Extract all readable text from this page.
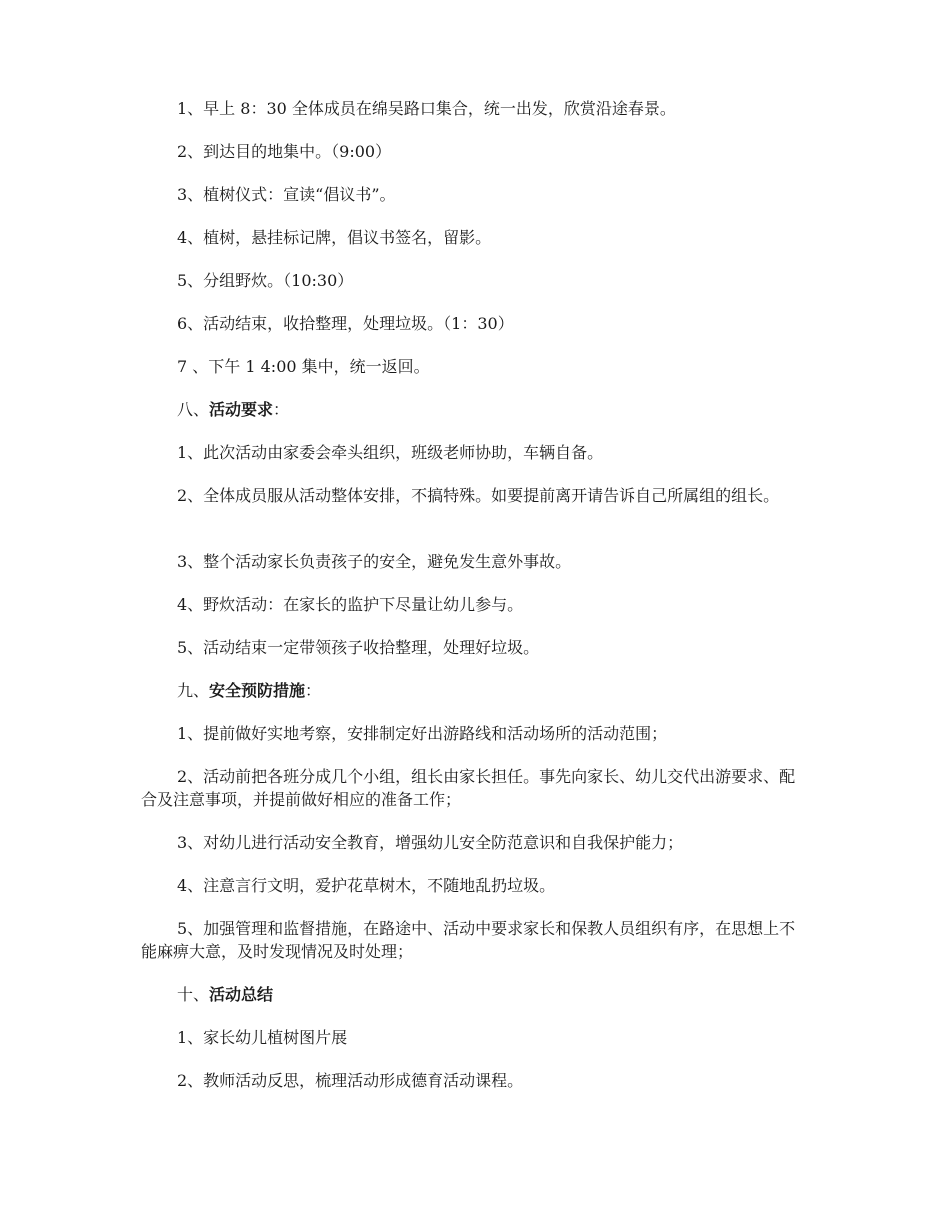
1、早上 8：30 全体成员在绵吴路口集合，统一出发，欣赏沿途春景。

2、到达目的地集中。（9:00）

3、植树仪式：宣读“倡议书”。

4、植树，悬挂标记牌，倡议书签名，留影。

5、分组野炊。（10:30）

6、活动结束，收拾整理，处理垃圾。（1：30）

7 、下午 1 4:00 集中，统一返回。

八、活动要求：

1、此次活动由家委会牵头组织，班级老师协助，车辆自备。

2、全体成员服从活动整体安排，不搞特殊。如要提前离开请告诉自己所属组的组长。

3、整个活动家长负责孩子的安全，避免发生意外事故。

4、野炊活动：在家长的监护下尽量让幼儿参与。

5、活动结束一定带领孩子收拾整理，处理好垃圾。

九、安全预防措施：

1、提前做好实地考察，安排制定好出游路线和活动场所的活动范围；

2、活动前把各班分成几个小组，组长由家长担任。事先向家长、幼儿交代出游要求、配合及注意事项，并提前做好相应的准备工作；

3、对幼儿进行活动安全教育，增强幼儿安全防范意识和自我保护能力；

4、注意言行文明，爱护花草树木，不随地乱扔垃圾。

5、加强管理和监督措施，在路途中、活动中要求家长和保教人员组织有序，在思想上不能麻痹大意，及时发现情况及时处理；

十、活动总结

1、家长幼儿植树图片展

2、教师活动反思，梳理活动形成德育活动课程。
